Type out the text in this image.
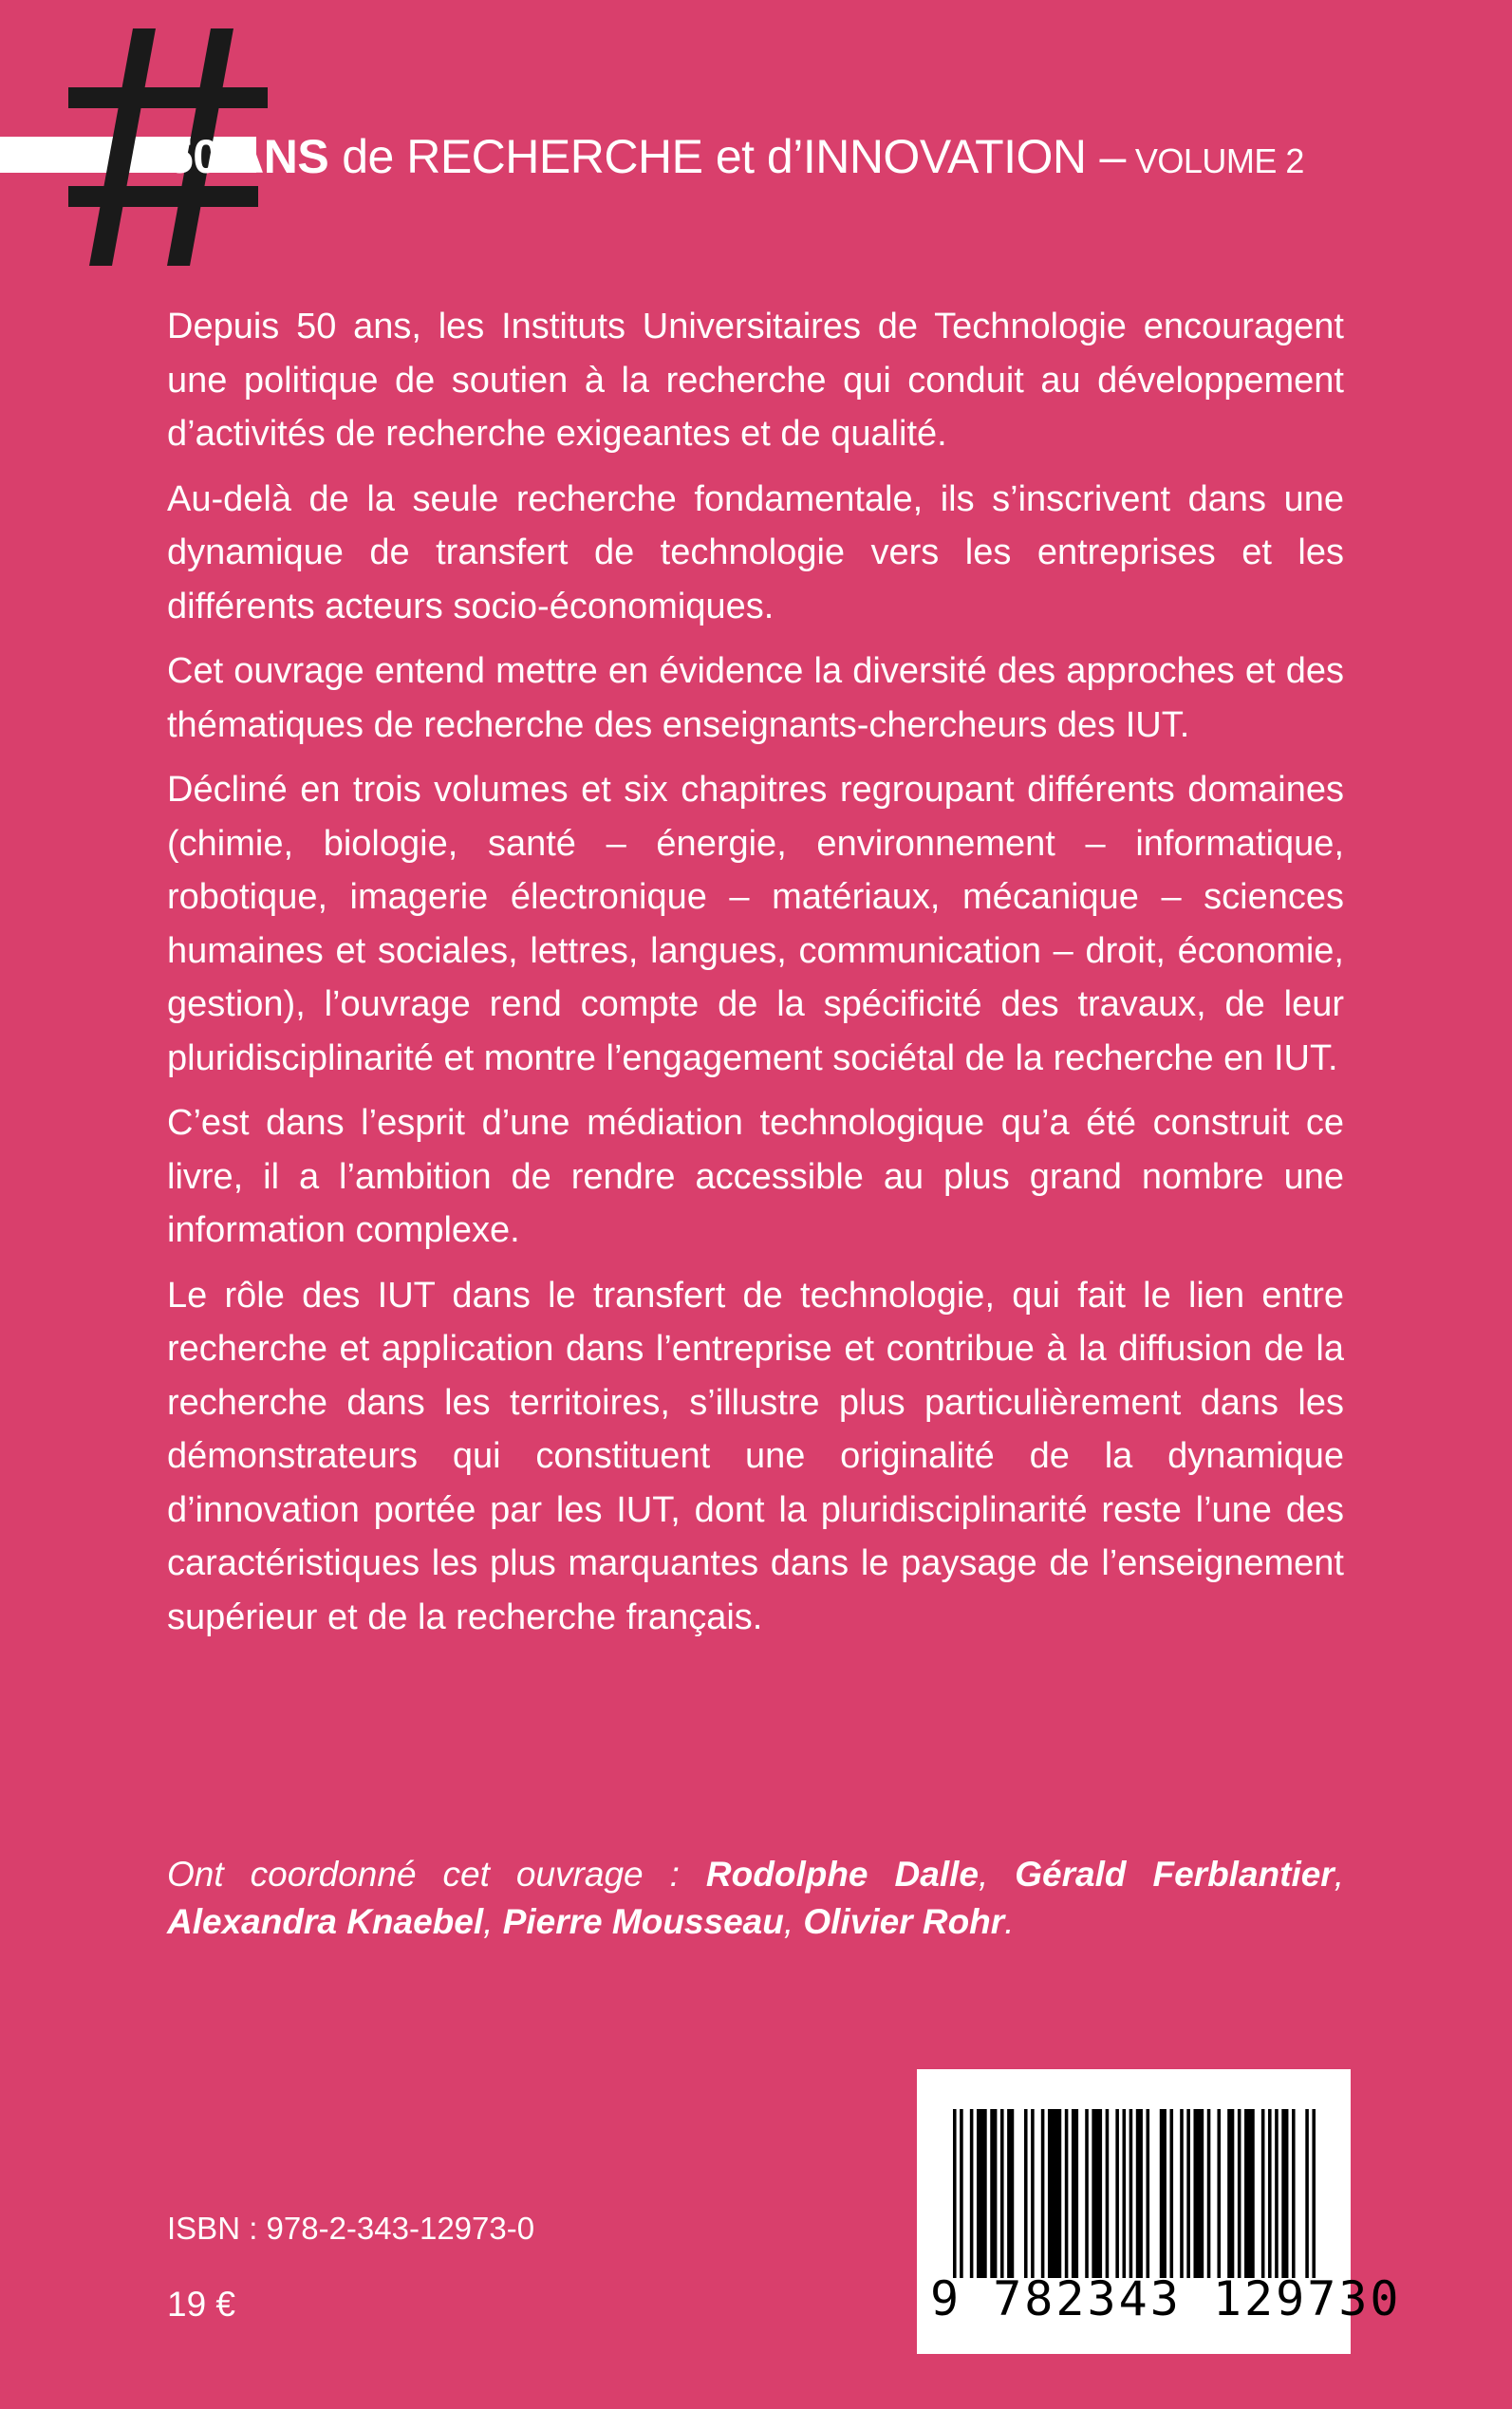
50 ANS de RECHERCHE et d’INNOVATION – VOLUME 2

Depuis 50 ans, les Instituts Universitaires de Technologie encouragent une politique de soutien à la recherche qui conduit au développement d’activités de recherche exigeantes et de qualité.

Au-delà de la seule recherche fondamentale, ils s’inscrivent dans une dynamique de transfert de technologie vers les entreprises et les différents acteurs socio-économiques.

Cet ouvrage entend mettre en évidence la diversité des approches et des thématiques de recherche des enseignants-chercheurs des IUT.

Décliné en trois volumes et six chapitres regroupant différents domaines (chimie, biologie, santé – énergie, environnement – informatique, robotique, imagerie électronique – matériaux, mécanique – sciences humaines et sociales, lettres, langues, communication – droit, économie, gestion), l’ouvrage rend compte de la spécificité des travaux, de leur pluridisciplinarité et montre l’engagement sociétal de la recherche en IUT.

C’est dans l’esprit d’une médiation technologique qu’a été construit ce livre, il a l’ambition de rendre accessible au plus grand nombre une information complexe.

Le rôle des IUT dans le transfert de technologie, qui fait le lien entre recherche et application dans l’entreprise et contribue à la diffusion de la recherche dans les territoires, s’illustre plus particulièrement dans les démonstrateurs qui constituent une originalité de la dynamique d’innovation portée par les IUT, dont la pluridisciplinarité reste l’une des caractéristiques les plus marquantes dans le paysage de l’enseignement supérieur et de la recherche français.

Ont coordonné cet ouvrage : Rodolphe Dalle, Gérald Ferblantier, Alexandra Knaebel, Pierre Mousseau, Olivier Rohr.
ISBN : 978-2-343-12973-0
19 €	9 782343 129730
